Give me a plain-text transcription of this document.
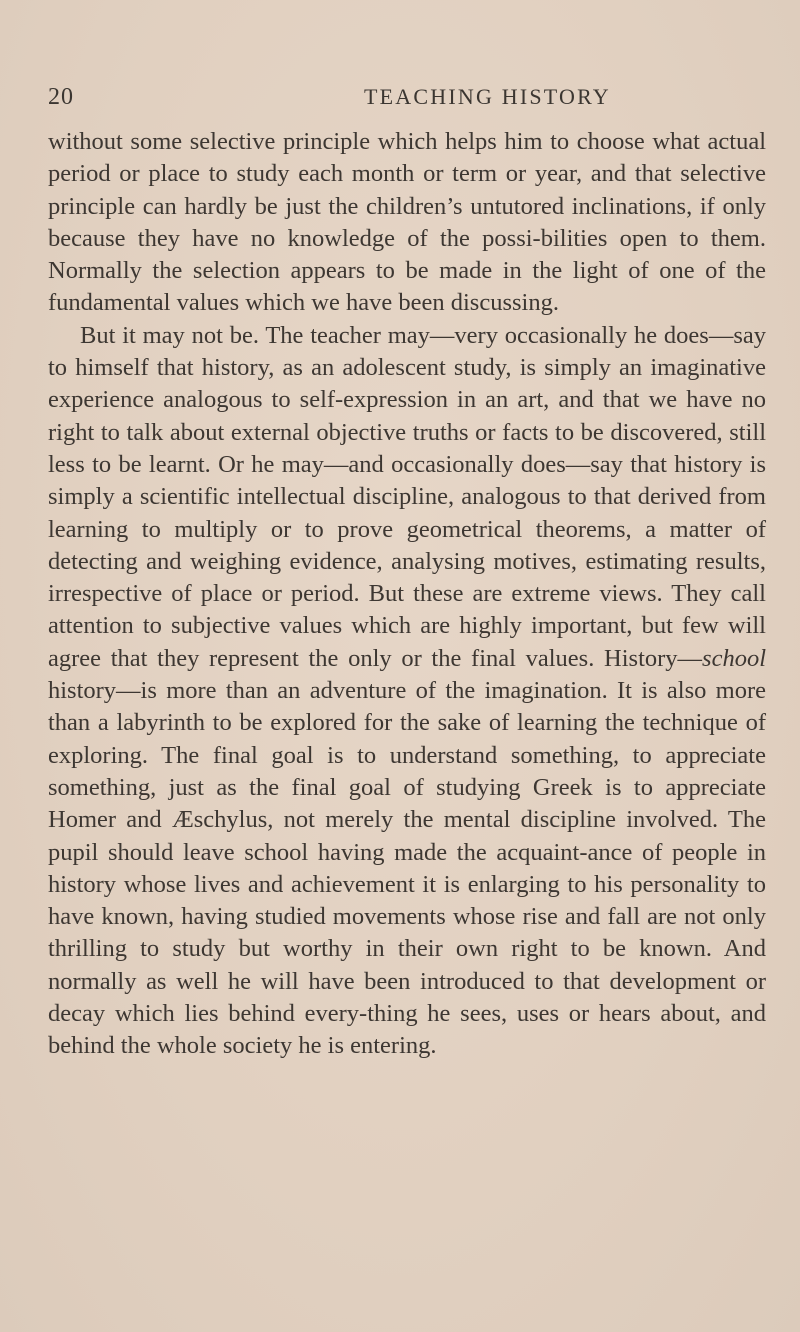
20	TEACHING HISTORY

without some selective principle which helps him to choose what actual period or place to study each month or term or year, and that selective principle can hardly be just the children’s untutored inclinations, if only because they have no knowledge of the possi-bilities open to them. Normally the selection appears to be made in the light of one of the fundamental values which we have been discussing.

But it may not be. The teacher may—very occasionally he does—say to himself that history, as an adolescent study, is simply an imaginative experience analogous to self-expression in an art, and that we have no right to talk about external objective truths or facts to be discovered, still less to be learnt. Or he may—and occasionally does—say that history is simply a scientific intellectual discipline, analogous to that derived from learning to multiply or to prove geometrical theorems, a matter of detecting and weighing evidence, analysing motives, estimating results, irrespective of place or period. But these are extreme views. They call attention to subjective values which are highly important, but few will agree that they represent the only or the final values. History—school history—is more than an adventure of the imagination. It is also more than a labyrinth to be explored for the sake of learning the technique of exploring. The final goal is to understand something, to appreciate something, just as the final goal of studying Greek is to appreciate Homer and Æschylus, not merely the mental discipline involved. The pupil should leave school having made the acquaint-ance of people in history whose lives and achievement it is enlarging to his personality to have known, having studied movements whose rise and fall are not only thrilling to study but worthy in their own right to be known. And normally as well he will have been introduced to that development or decay which lies behind every-thing he sees, uses or hears about, and behind the whole society he is entering.
